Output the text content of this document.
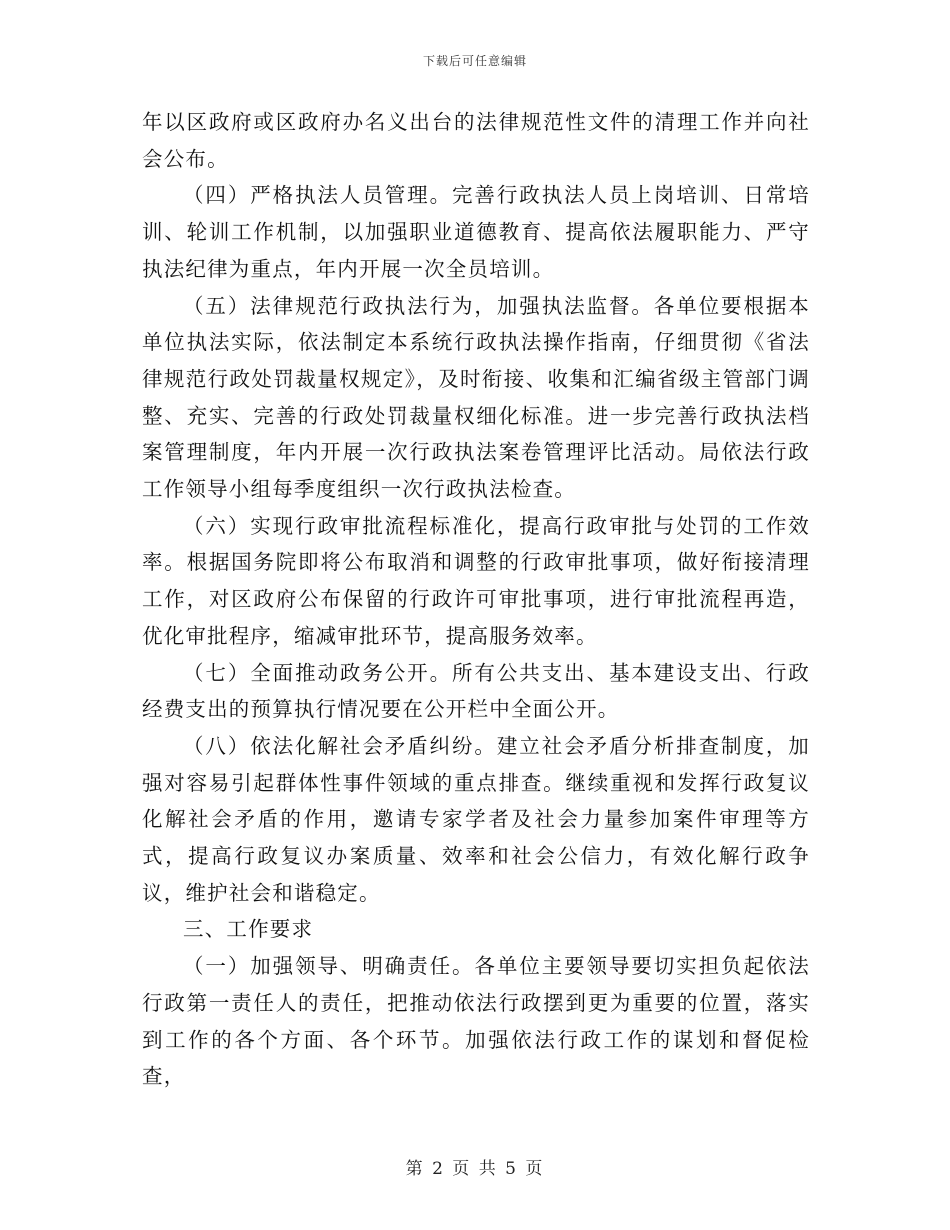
下载后可任意编辑

年以区政府或区政府办名义出台的法律规范性文件的清理工作并向社会公布。

（四）严格执法人员管理。完善行政执法人员上岗培训、日常培训、轮训工作机制，以加强职业道德教育、提高依法履职能力、严守执法纪律为重点，年内开展一次全员培训。

（五）法律规范行政执法行为，加强执法监督。各单位要根据本单位执法实际，依法制定本系统行政执法操作指南，仔细贯彻《省法律规范行政处罚裁量权规定》，及时衔接、收集和汇编省级主管部门调整、充实、完善的行政处罚裁量权细化标准。进一步完善行政执法档案管理制度，年内开展一次行政执法案卷管理评比活动。局依法行政工作领导小组每季度组织一次行政执法检查。

（六）实现行政审批流程标准化，提高行政审批与处罚的工作效率。根据国务院即将公布取消和调整的行政审批事项，做好衔接清理工作，对区政府公布保留的行政许可审批事项，进行审批流程再造，优化审批程序，缩减审批环节，提高服务效率。

（七）全面推动政务公开。所有公共支出、基本建设支出、行政经费支出的预算执行情况要在公开栏中全面公开。

（八）依法化解社会矛盾纠纷。建立社会矛盾分析排查制度，加强对容易引起群体性事件领域的重点排查。继续重视和发挥行政复议化解社会矛盾的作用，邀请专家学者及社会力量参加案件审理等方式，提高行政复议办案质量、效率和社会公信力，有效化解行政争议，维护社会和谐稳定。

三、工作要求

（一）加强领导、明确责任。各单位主要领导要切实担负起依法行政第一责任人的责任，把推动依法行政摆到更为重要的位置，落实到工作的各个方面、各个环节。加强依法行政工作的谋划和督促检查，

第 2 页 共 5 页
